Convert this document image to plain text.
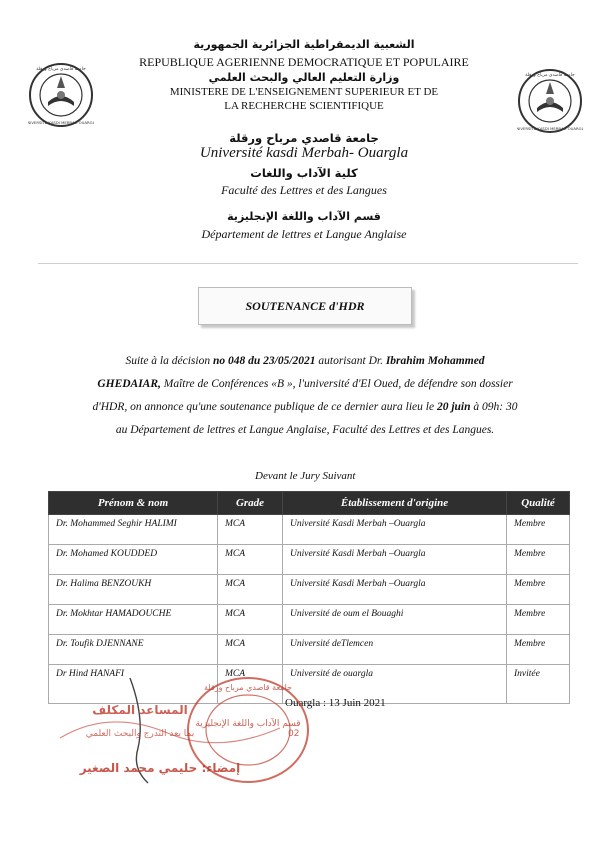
جامعة قاصدي مرباح ورقلة
UNIVERSITE KASDI MERBAH OUARGLA
جامعة قاصدي مرباح ورقلة
UNIVERSITE KASDI MERBAH OUARGLA
الشعبية الديمقراطية الجزائرية الجمهورية
REPUBLIQUE AGERIENNE DEMOCRATIQUE ET POPULAIRE
وزارة التعليم العالي والبحث العلمي
MINISTERE DE L'ENSEIGNEMENT SUPERIEUR ET DE
LA RECHERCHE SCIENTIFIQUE
جامعة قاصدي مرباح ورقلة
Université kasdi Merbah- Ouargla
كلية الآداب واللغات
Faculté des Lettres et des Langues
قسم الآداب واللغة الإنجليزية
Département de lettres et Langue Anglaise
SOUTENANCE d'HDR
Suite à la décision no 048 du 23/05/2021 autorisant Dr. Ibrahim Mohammed
GHEDAIAR, Maître de Conférences «B », l'université d'El Oued, de défendre son dossier
d'HDR, on annonce qu'une soutenance publique de ce dernier aura lieu le 20 juin à 09h: 30
au Département de lettres et Langue Anglaise, Faculté des Lettres et des Langues.
Devant le Jury Suivant
Prénom & nom	Grade	Établissement d'origine	Qualité
Dr. Mohammed Seghir HALIMI	MCA	Université Kasdi Merbah –Ouargla	Membre
Dr. Mohamed KOUDDED	MCA	Université Kasdi Merbah –Ouargla	Membre
Dr. Halima BENZOUKH	MCA	Université Kasdi Merbah –Ouargla	Membre
Dr. Mokhtar HAMADOUCHE	MCA	Université de oum el Bouaghi	Membre
Dr. Toufik DJENNANE	MCA	Université deTlemcen	Membre
Dr Hind HANAFI	MCA	Université de ouargla	Invitée
Ouargla : 13 Juin 2021
جامعة قاصدي مرباح ورقلة
قسم الآداب واللغة الإنجليزية
02
المساعد المكلف
بما بعد التدرج والبحث العلمي
إمضاء: حليمي محمد الصغير
